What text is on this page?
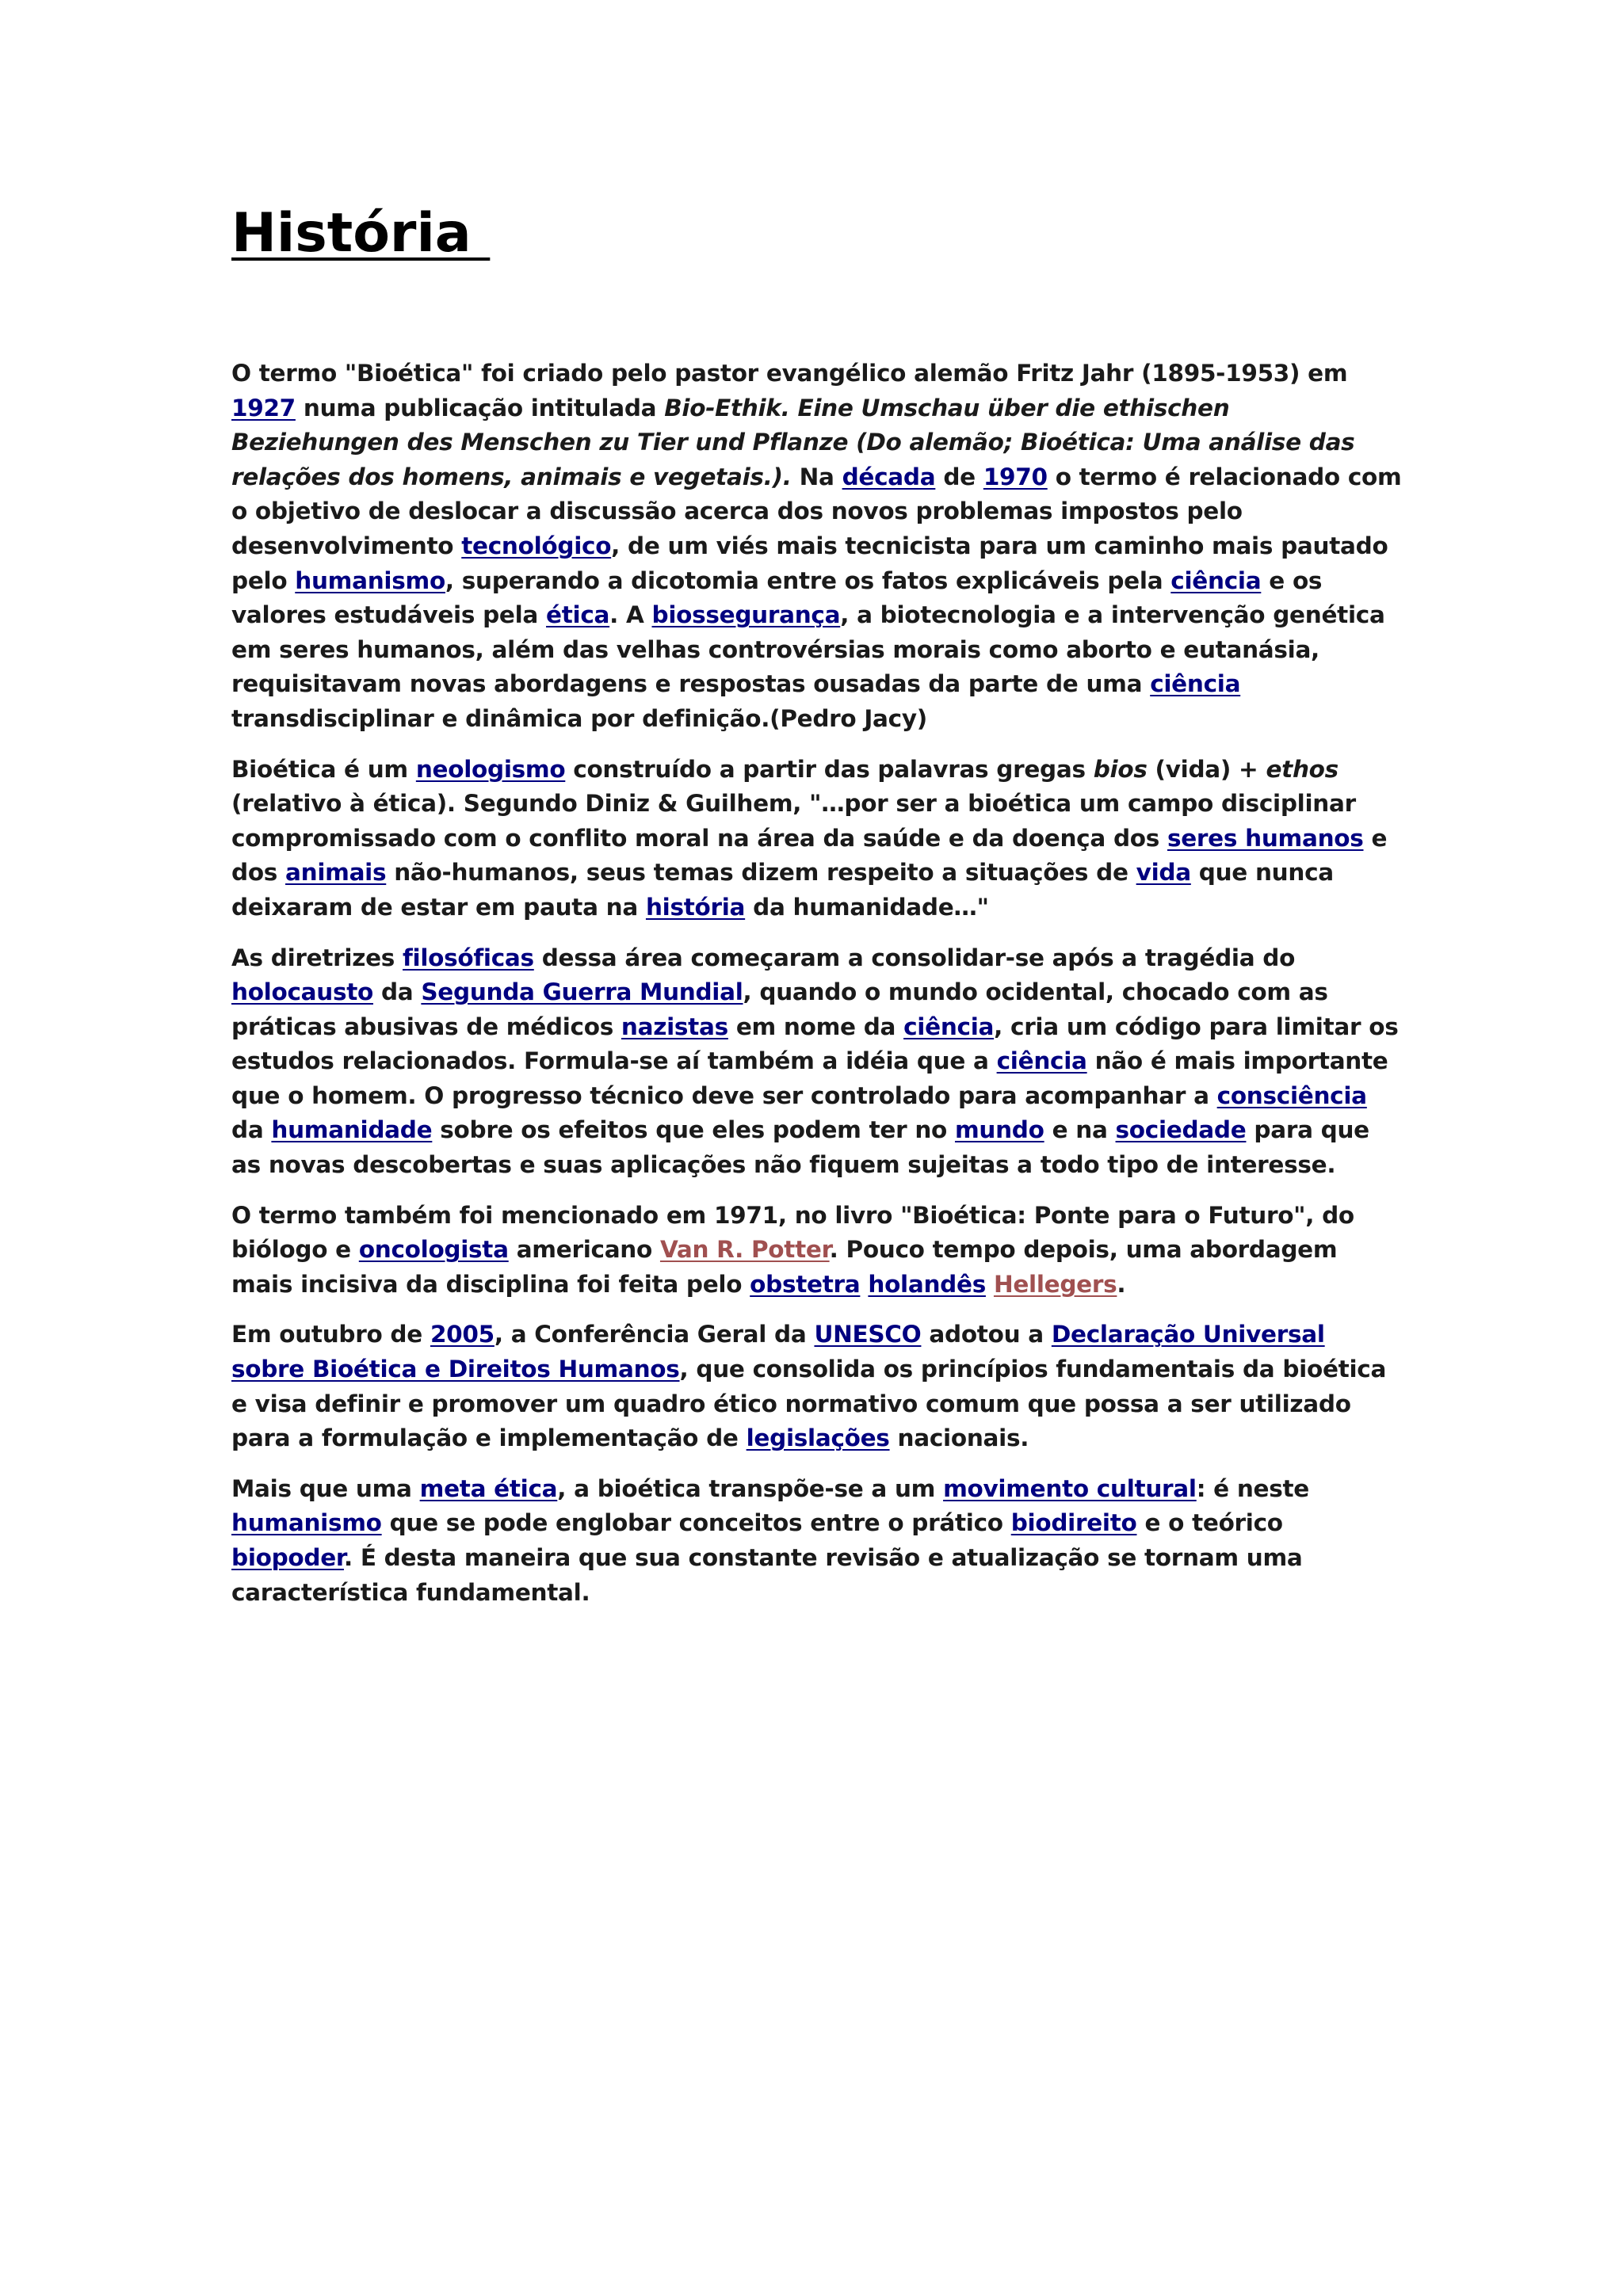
História

O termo "Bioética" foi criado pelo pastor evangélico alemão Fritz Jahr (1895-1953) em 1927 numa publicação intitulada Bio-Ethik. Eine Umschau über die ethischen Beziehungen des Menschen zu Tier und Pflanze (Do alemão; Bioética: Uma análise das relações dos homens, animais e vegetais.). Na década de 1970 o termo é relacionado com o objetivo de deslocar a discussão acerca dos novos problemas impostos pelo desenvolvimento tecnológico, de um viés mais tecnicista para um caminho mais pautado pelo humanismo, superando a dicotomia entre os fatos explicáveis pela ciência e os valores estudáveis pela ética. A biossegurança, a biotecnologia e a intervenção genética em seres humanos, além das velhas controvérsias morais como aborto e eutanásia, requisitavam novas abordagens e respostas ousadas da parte de uma ciência transdisciplinar e dinâmica por definição.(Pedro Jacy)

Bioética é um neologismo construído a partir das palavras gregas bios (vida) + ethos (relativo à ética). Segundo Diniz & Guilhem, "…por ser a bioética um campo disciplinar compromissado com o conflito moral na área da saúde e da doença dos seres humanos e dos animais não-humanos, seus temas dizem respeito a situações de vida que nunca deixaram de estar em pauta na história da humanidade…"

As diretrizes filosóficas dessa área começaram a consolidar-se após a tragédia do holocausto da Segunda Guerra Mundial, quando o mundo ocidental, chocado com as práticas abusivas de médicos nazistas em nome da ciência, cria um código para limitar os estudos relacionados. Formula-se aí também a idéia que a ciência não é mais importante que o homem. O progresso técnico deve ser controlado para acompanhar a consciência da humanidade sobre os efeitos que eles podem ter no mundo e na sociedade para que as novas descobertas e suas aplicações não fiquem sujeitas a todo tipo de interesse.

O termo também foi mencionado em 1971, no livro "Bioética: Ponte para o Futuro", do biólogo e oncologista americano Van R. Potter. Pouco tempo depois, uma abordagem mais incisiva da disciplina foi feita pelo obstetra holandês Hellegers.

Em outubro de 2005, a Conferência Geral da UNESCO adotou a Declaração Universal sobre Bioética e Direitos Humanos, que consolida os princípios fundamentais da bioética e visa definir e promover um quadro ético normativo comum que possa a ser utilizado para a formulação e implementação de legislações nacionais.

Mais que uma meta ética, a bioética transpõe-se a um movimento cultural: é neste humanismo que se pode englobar conceitos entre o prático biodireito e o teórico biopoder. É desta maneira que sua constante revisão e atualização se tornam uma característica fundamental.
